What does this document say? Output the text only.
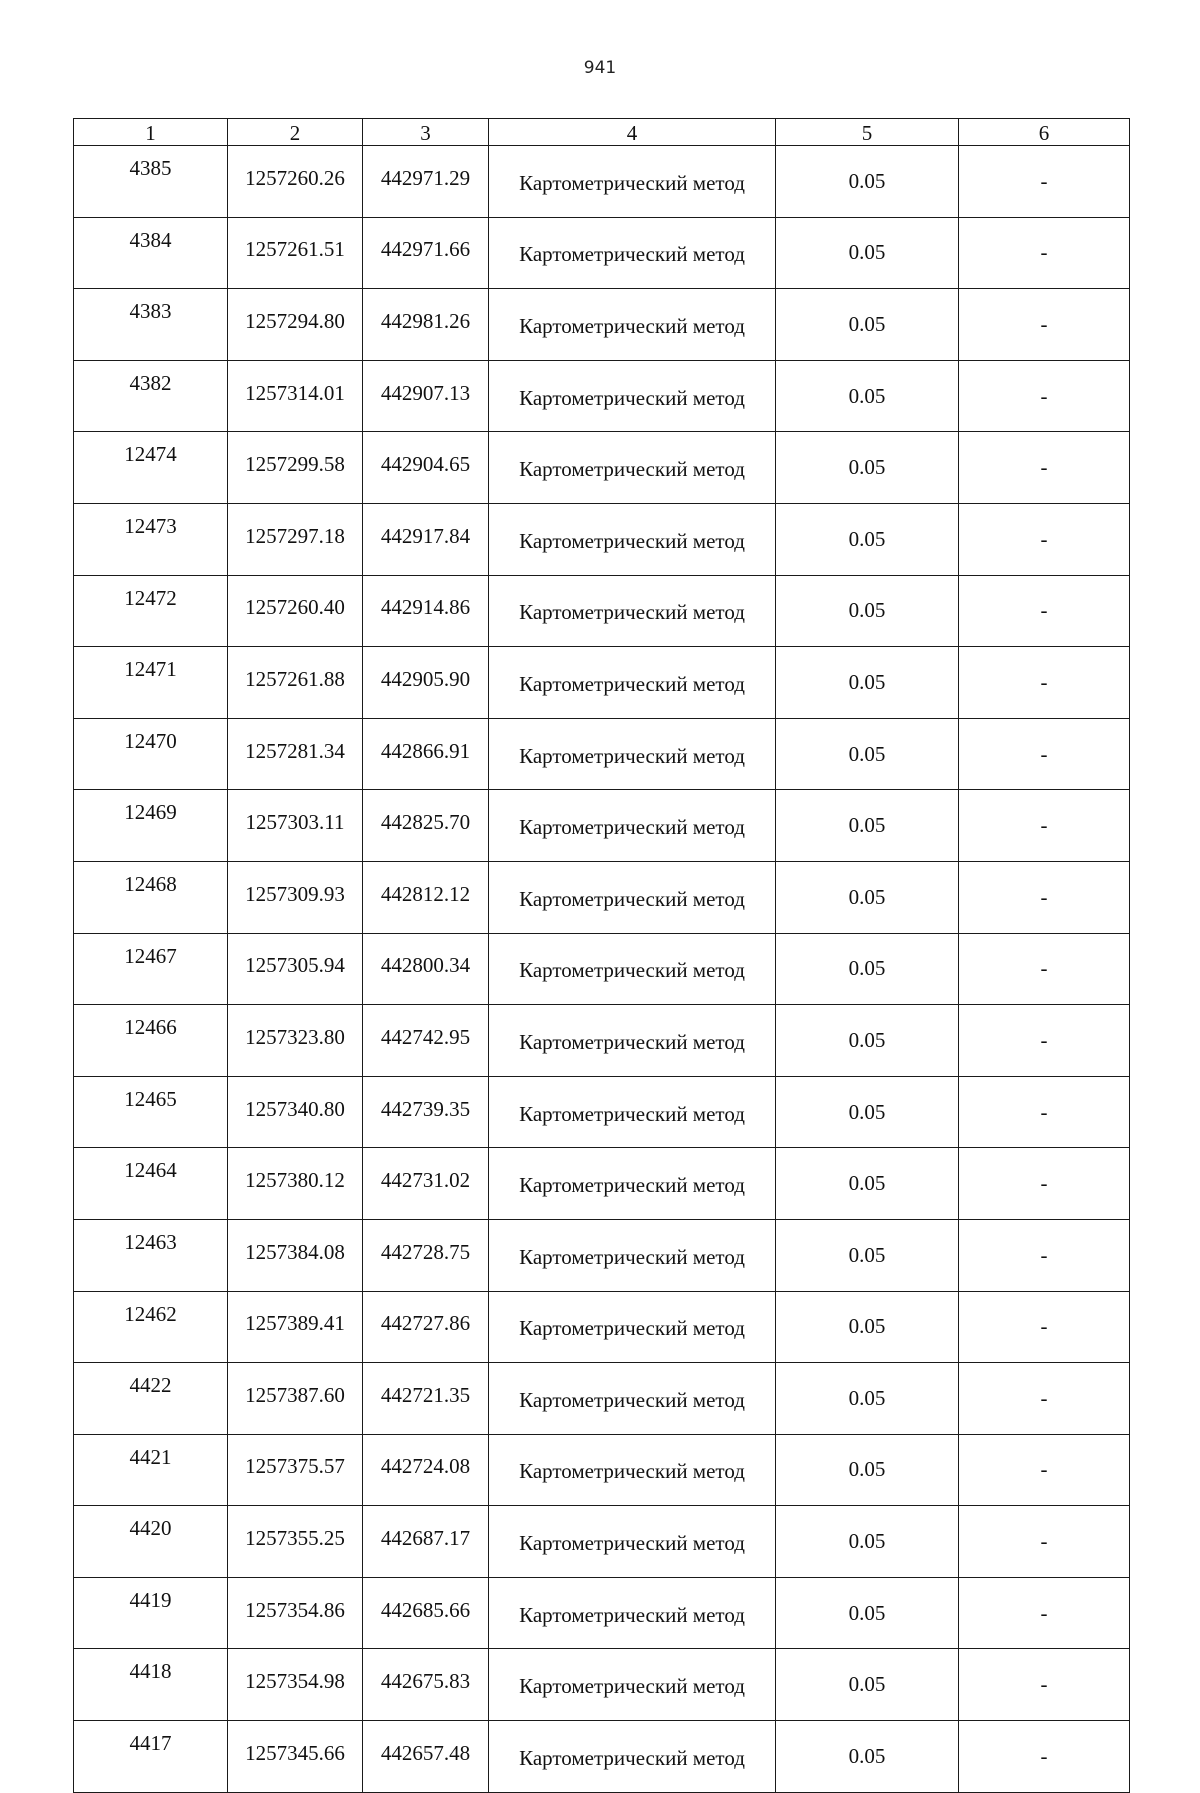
941
1	2	3	4	5	6
4385	1257260.26	442971.29	Картометрический метод	0.05	-
4384	1257261.51	442971.66	Картометрический метод	0.05	-
4383	1257294.80	442981.26	Картометрический метод	0.05	-
4382	1257314.01	442907.13	Картометрический метод	0.05	-
12474	1257299.58	442904.65	Картометрический метод	0.05	-
12473	1257297.18	442917.84	Картометрический метод	0.05	-
12472	1257260.40	442914.86	Картометрический метод	0.05	-
12471	1257261.88	442905.90	Картометрический метод	0.05	-
12470	1257281.34	442866.91	Картометрический метод	0.05	-
12469	1257303.11	442825.70	Картометрический метод	0.05	-
12468	1257309.93	442812.12	Картометрический метод	0.05	-
12467	1257305.94	442800.34	Картометрический метод	0.05	-
12466	1257323.80	442742.95	Картометрический метод	0.05	-
12465	1257340.80	442739.35	Картометрический метод	0.05	-
12464	1257380.12	442731.02	Картометрический метод	0.05	-
12463	1257384.08	442728.75	Картометрический метод	0.05	-
12462	1257389.41	442727.86	Картометрический метод	0.05	-
4422	1257387.60	442721.35	Картометрический метод	0.05	-
4421	1257375.57	442724.08	Картометрический метод	0.05	-
4420	1257355.25	442687.17	Картометрический метод	0.05	-
4419	1257354.86	442685.66	Картометрический метод	0.05	-
4418	1257354.98	442675.83	Картометрический метод	0.05	-
4417	1257345.66	442657.48	Картометрический метод	0.05	-
